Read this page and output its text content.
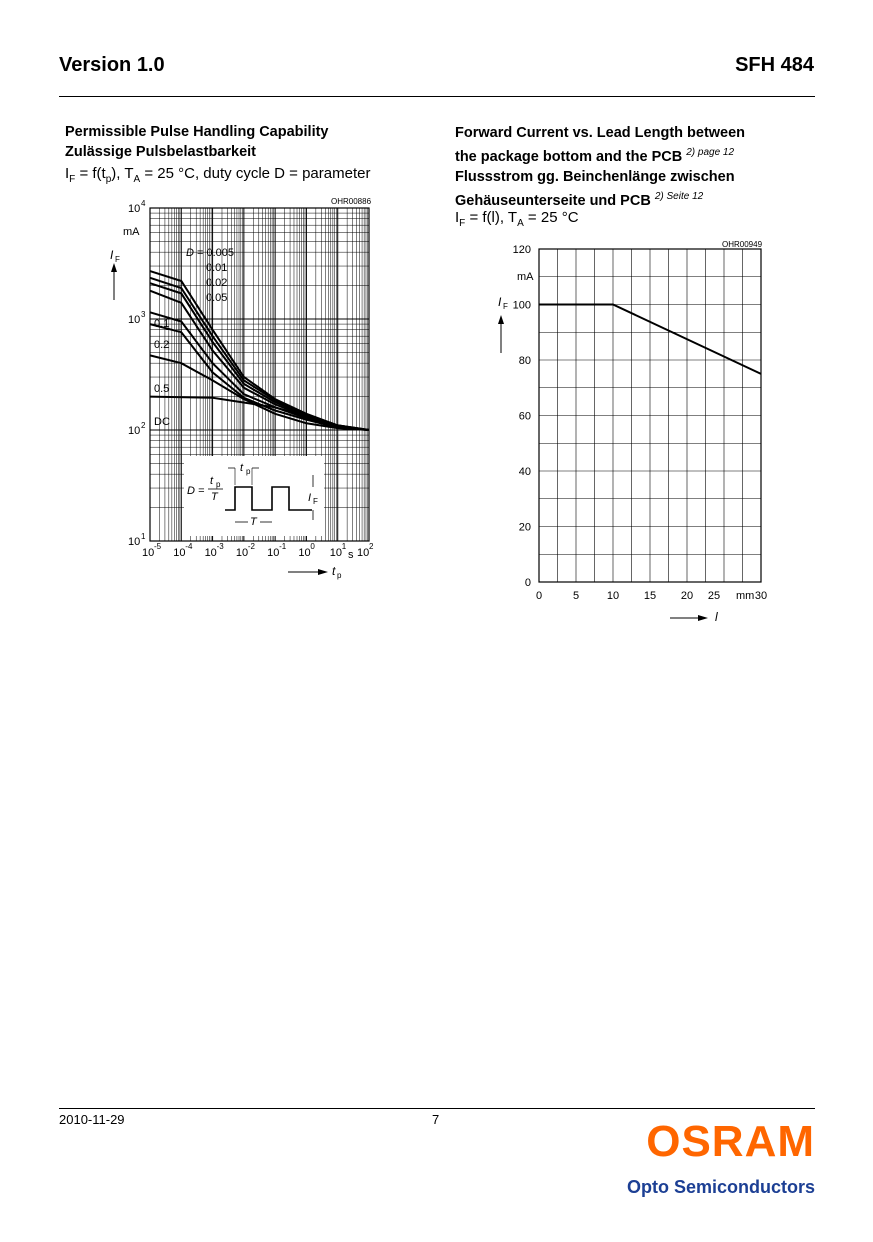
Version 1.0	SFH 484
Permissible Pulse Handling Capability
Zulässige Pulsbelastbarkeit
$I_F = f(t_p)$, $T_A = 25$ °C, duty cycle D = parameter
D =
t p
T
t p
T
I F
D = 0.005
0.01
0.02
0.05
0.1
0.2
0.5
DC
OHR00886
mA
I F
10 1
10 2
10 3
10 4
10
-5
10
-4
10
-3
10
-2
10
-1
10
0
10
1
10
2
s
t p
Forward Current vs. Lead Length between
the package bottom and the PCB $^{2) page 12}$
Flussstrom gg. Beinchenlänge zwischen
Gehäuseunterseite und PCB $^{2) Seite 12}$
$I_F = f(l)$, $T_A = 25$ °C
0
20
40
60
80
100
120
0	5	10 15 20 25	30
OHR00949
mA
mm
I F
l
2010-11-29	7	OSRAM
Opto Semiconductors
